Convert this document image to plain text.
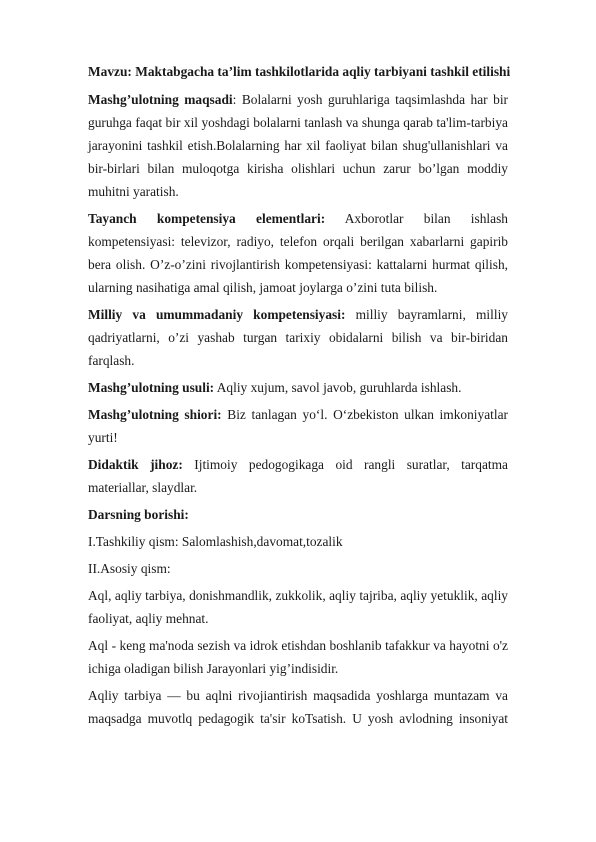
Mavzu: Maktabgacha ta’lim tashkilotlarida aqliy tarbiyani tashkil etilishi

Mashg’ulotning maqsadi: Bolalarni yosh guruhlariga taqsimlashda har bir guruhga faqat bir xil yoshdagi bolalarni tanlash va shunga qarab ta'lim-tarbiya jarayonini tashkil etish.Bolalarning har xil faoliyat bilan shug'ullanishlari va bir-birlari bilan muloqotga kirisha olishlari uchun zarur bo’lgan moddiy muhitni yaratish.

Tayanch kompetensiya elementlari: Axborotlar bilan ishlash kompetensiyasi: televizor, radiyo, telefon orqali berilgan xabarlarni gapirib bera olish. O’z-o’zini rivojlantirish kompetensiyasi: kattalarni hurmat qilish, ularning nasihatiga amal qilish, jamoat joylarga o’zini tuta bilish.

Milliy va umummadaniy kompetensiyasi: milliy bayramlarni, milliy qadriyatlarni, o’zi yashab turgan tarixiy obidalarni bilish va bir-biridan farqlash.

Mashg’ulotning usuli: Aqliy xujum, savol javob, guruhlarda ishlash.

Mashg’ulotning shiori: Biz tanlagan yo‘l. O‘zbekiston ulkan imkoniyatlar yurti!

Didaktik jihoz: Ijtimoiy pedogogikaga oid rangli suratlar, tarqatma materiallar, slaydlar.

Darsning borishi:

I.Tashkiliy qism: Salomlashish,davomat,tozalik

II.Asosiy qism:

Aql, aqliy tarbiya, donishmandlik, zukkolik, aqliy tajriba, aqliy yetuklik, aqliy faoliyat, aqliy mehnat.

Aql - keng ma'noda sezish va idrok etishdan boshlanib tafakkur va hayotni o'z ichiga oladigan bilish Jarayonlari yig’indisidir.

Aqliy tarbiya — bu aqlni rivojiantirish maqsadida yoshlarga muntazam va maqsadga muvotlq pedagogik ta'sir koTsatish. U yosh avlodning insoniyat
